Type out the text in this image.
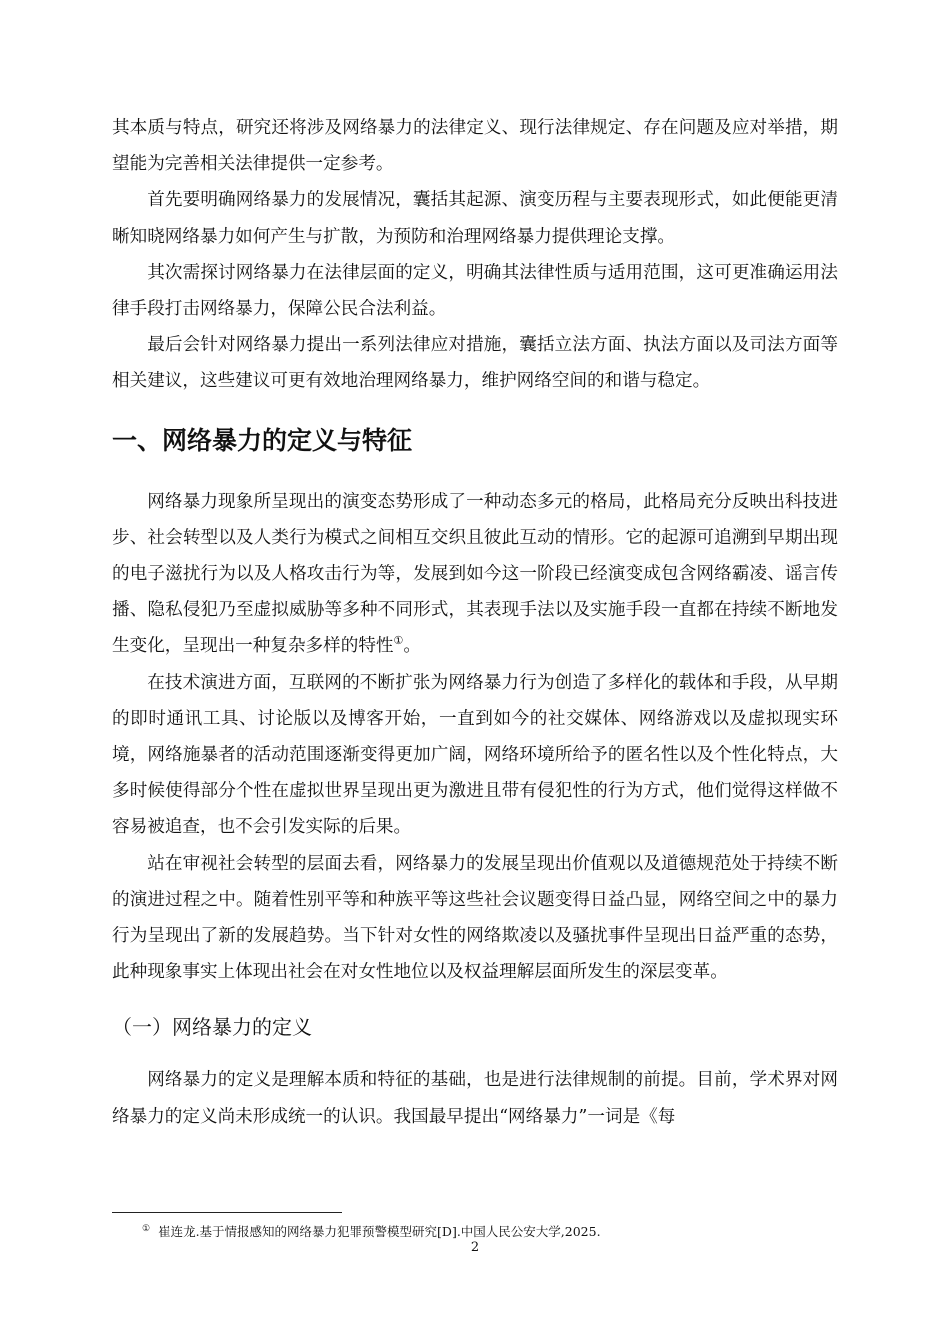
其本质与特点，研究还将涉及网络暴力的法律定义、现行法律规定、存在问题及应对举措，期望能为完善相关法律提供一定参考。

首先要明确网络暴力的发展情况，囊括其起源、演变历程与主要表现形式，如此便能更清晰知晓网络暴力如何产生与扩散，为预防和治理网络暴力提供理论支撑。

其次需探讨网络暴力在法律层面的定义，明确其法律性质与适用范围，这可更准确运用法律手段打击网络暴力，保障公民合法利益。

最后会针对网络暴力提出一系列法律应对措施，囊括立法方面、执法方面以及司法方面等相关建议，这些建议可更有效地治理网络暴力，维护网络空间的和谐与稳定。

一、网络暴力的定义与特征

网络暴力现象所呈现出的演变态势形成了一种动态多元的格局，此格局充分反映出科技进步、社会转型以及人类行为模式之间相互交织且彼此互动的情形。它的起源可追溯到早期出现的电子滋扰行为以及人格攻击行为等，发展到如今这一阶段已经演变成包含网络霸凌、谣言传播、隐私侵犯乃至虚拟威胁等多种不同形式，其表现手法以及实施手段一直都在持续不断地发生变化，呈现出一种复杂多样的特性①。

在技术演进方面，互联网的不断扩张为网络暴力行为创造了多样化的载体和手段，从早期的即时通讯工具、讨论版以及博客开始，一直到如今的社交媒体、网络游戏以及虚拟现实环境，网络施暴者的活动范围逐渐变得更加广阔，网络环境所给予的匿名性以及个性化特点，大多时候使得部分个性在虚拟世界呈现出更为激进且带有侵犯性的行为方式，他们觉得这样做不容易被追查，也不会引发实际的后果。

站在审视社会转型的层面去看，网络暴力的发展呈现出价值观以及道德规范处于持续不断的演进过程之中。随着性别平等和种族平等这些社会议题变得日益凸显，网络空间之中的暴力行为呈现出了新的发展趋势。当下针对女性的网络欺凌以及骚扰事件呈现出日益严重的态势，此种现象事实上体现出社会在对女性地位以及权益理解层面所发生的深层变革。

（一）网络暴力的定义

网络暴力的定义是理解本质和特征的基础，也是进行法律规制的前提。目前，学术界对网络暴力的定义尚未形成统一的认识。我国最早提出“网络暴力”一词是《每

① 崔连龙.基于情报感知的网络暴力犯罪预警模型研究[D].中国人民公安大学,2025.
2
